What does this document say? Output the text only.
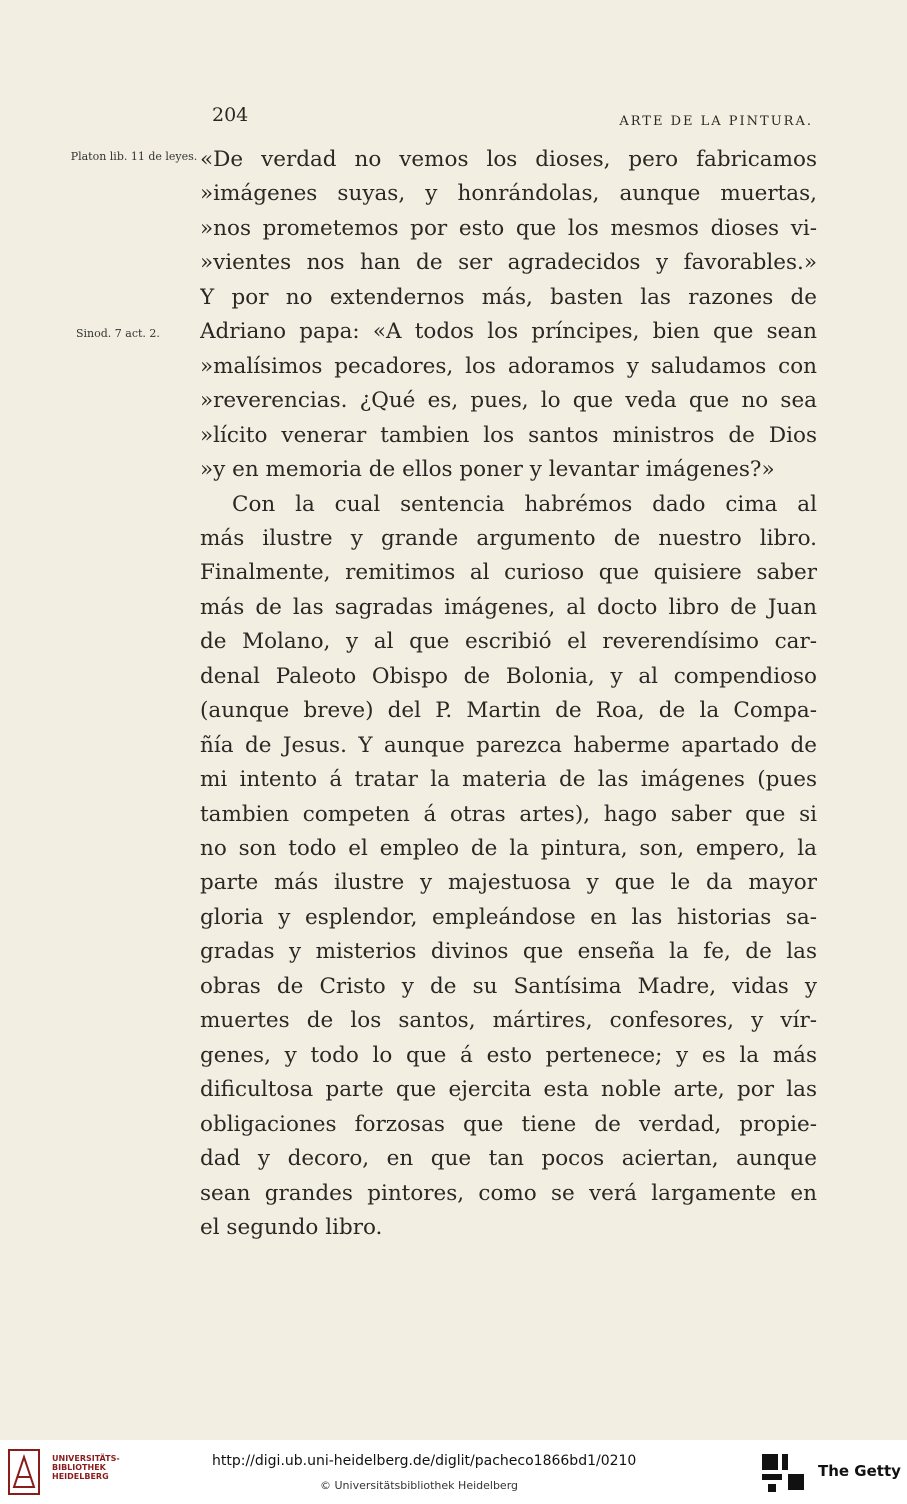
204	ARTE DE LA PINTURA.
Platon lib. 11 de leyes.
Sinod. 7 act. 2.
«De verdad no vemos los dioses, pero fabricamos
»imágenes suyas, y honrándolas, aunque muertas,
»nos prometemos por esto que los mesmos dioses vi-
»vientes nos han de ser agradecidos y favorables.»
Y por no extendernos más, basten las razones de
Adriano papa: «A todos los príncipes, bien que sean
»malísimos pecadores, los adoramos y saludamos con
»reverencias. ¿Qué es, pues, lo que veda que no sea
»lícito venerar tambien los santos ministros de Dios
»y en memoria de ellos poner y levantar imágenes?»
Con la cual sentencia habrémos dado cima al
más ilustre y grande argumento de nuestro libro.
Finalmente, remitimos al curioso que quisiere saber
más de las sagradas imágenes, al docto libro de Juan
de Molano, y al que escribió el reverendísimo car-
denal Paleoto Obispo de Bolonia, y al compendioso
(aunque breve) del P. Martin de Roa, de la Compa-
ñía de Jesus. Y aunque parezca haberme apartado de
mi intento á tratar la materia de las imágenes (pues
tambien competen á otras artes), hago saber que si
no son todo el empleo de la pintura, son, empero, la
parte más ilustre y majestuosa y que le da mayor
gloria y esplendor, empleándose en las historias sa-
gradas y misterios divinos que enseña la fe, de las
obras de Cristo y de su Santísima Madre, vidas y
muertes de los santos, mártires, confesores, y vír-
genes, y todo lo que á esto pertenece; y es la más
dificultosa parte que ejercita esta noble arte, por las
obligaciones forzosas que tiene de verdad, propie-
dad y decoro, en que tan pocos aciertan, aunque
sean grandes pintores, como se verá largamente en
el segundo libro.
UNIVERSITÄTS-
BIBLIOTHEK
HEIDELBERG
http://digi.ub.uni-heidelberg.de/diglit/pacheco1866bd1/0210
© Universitätsbibliothek Heidelberg
The Getty
